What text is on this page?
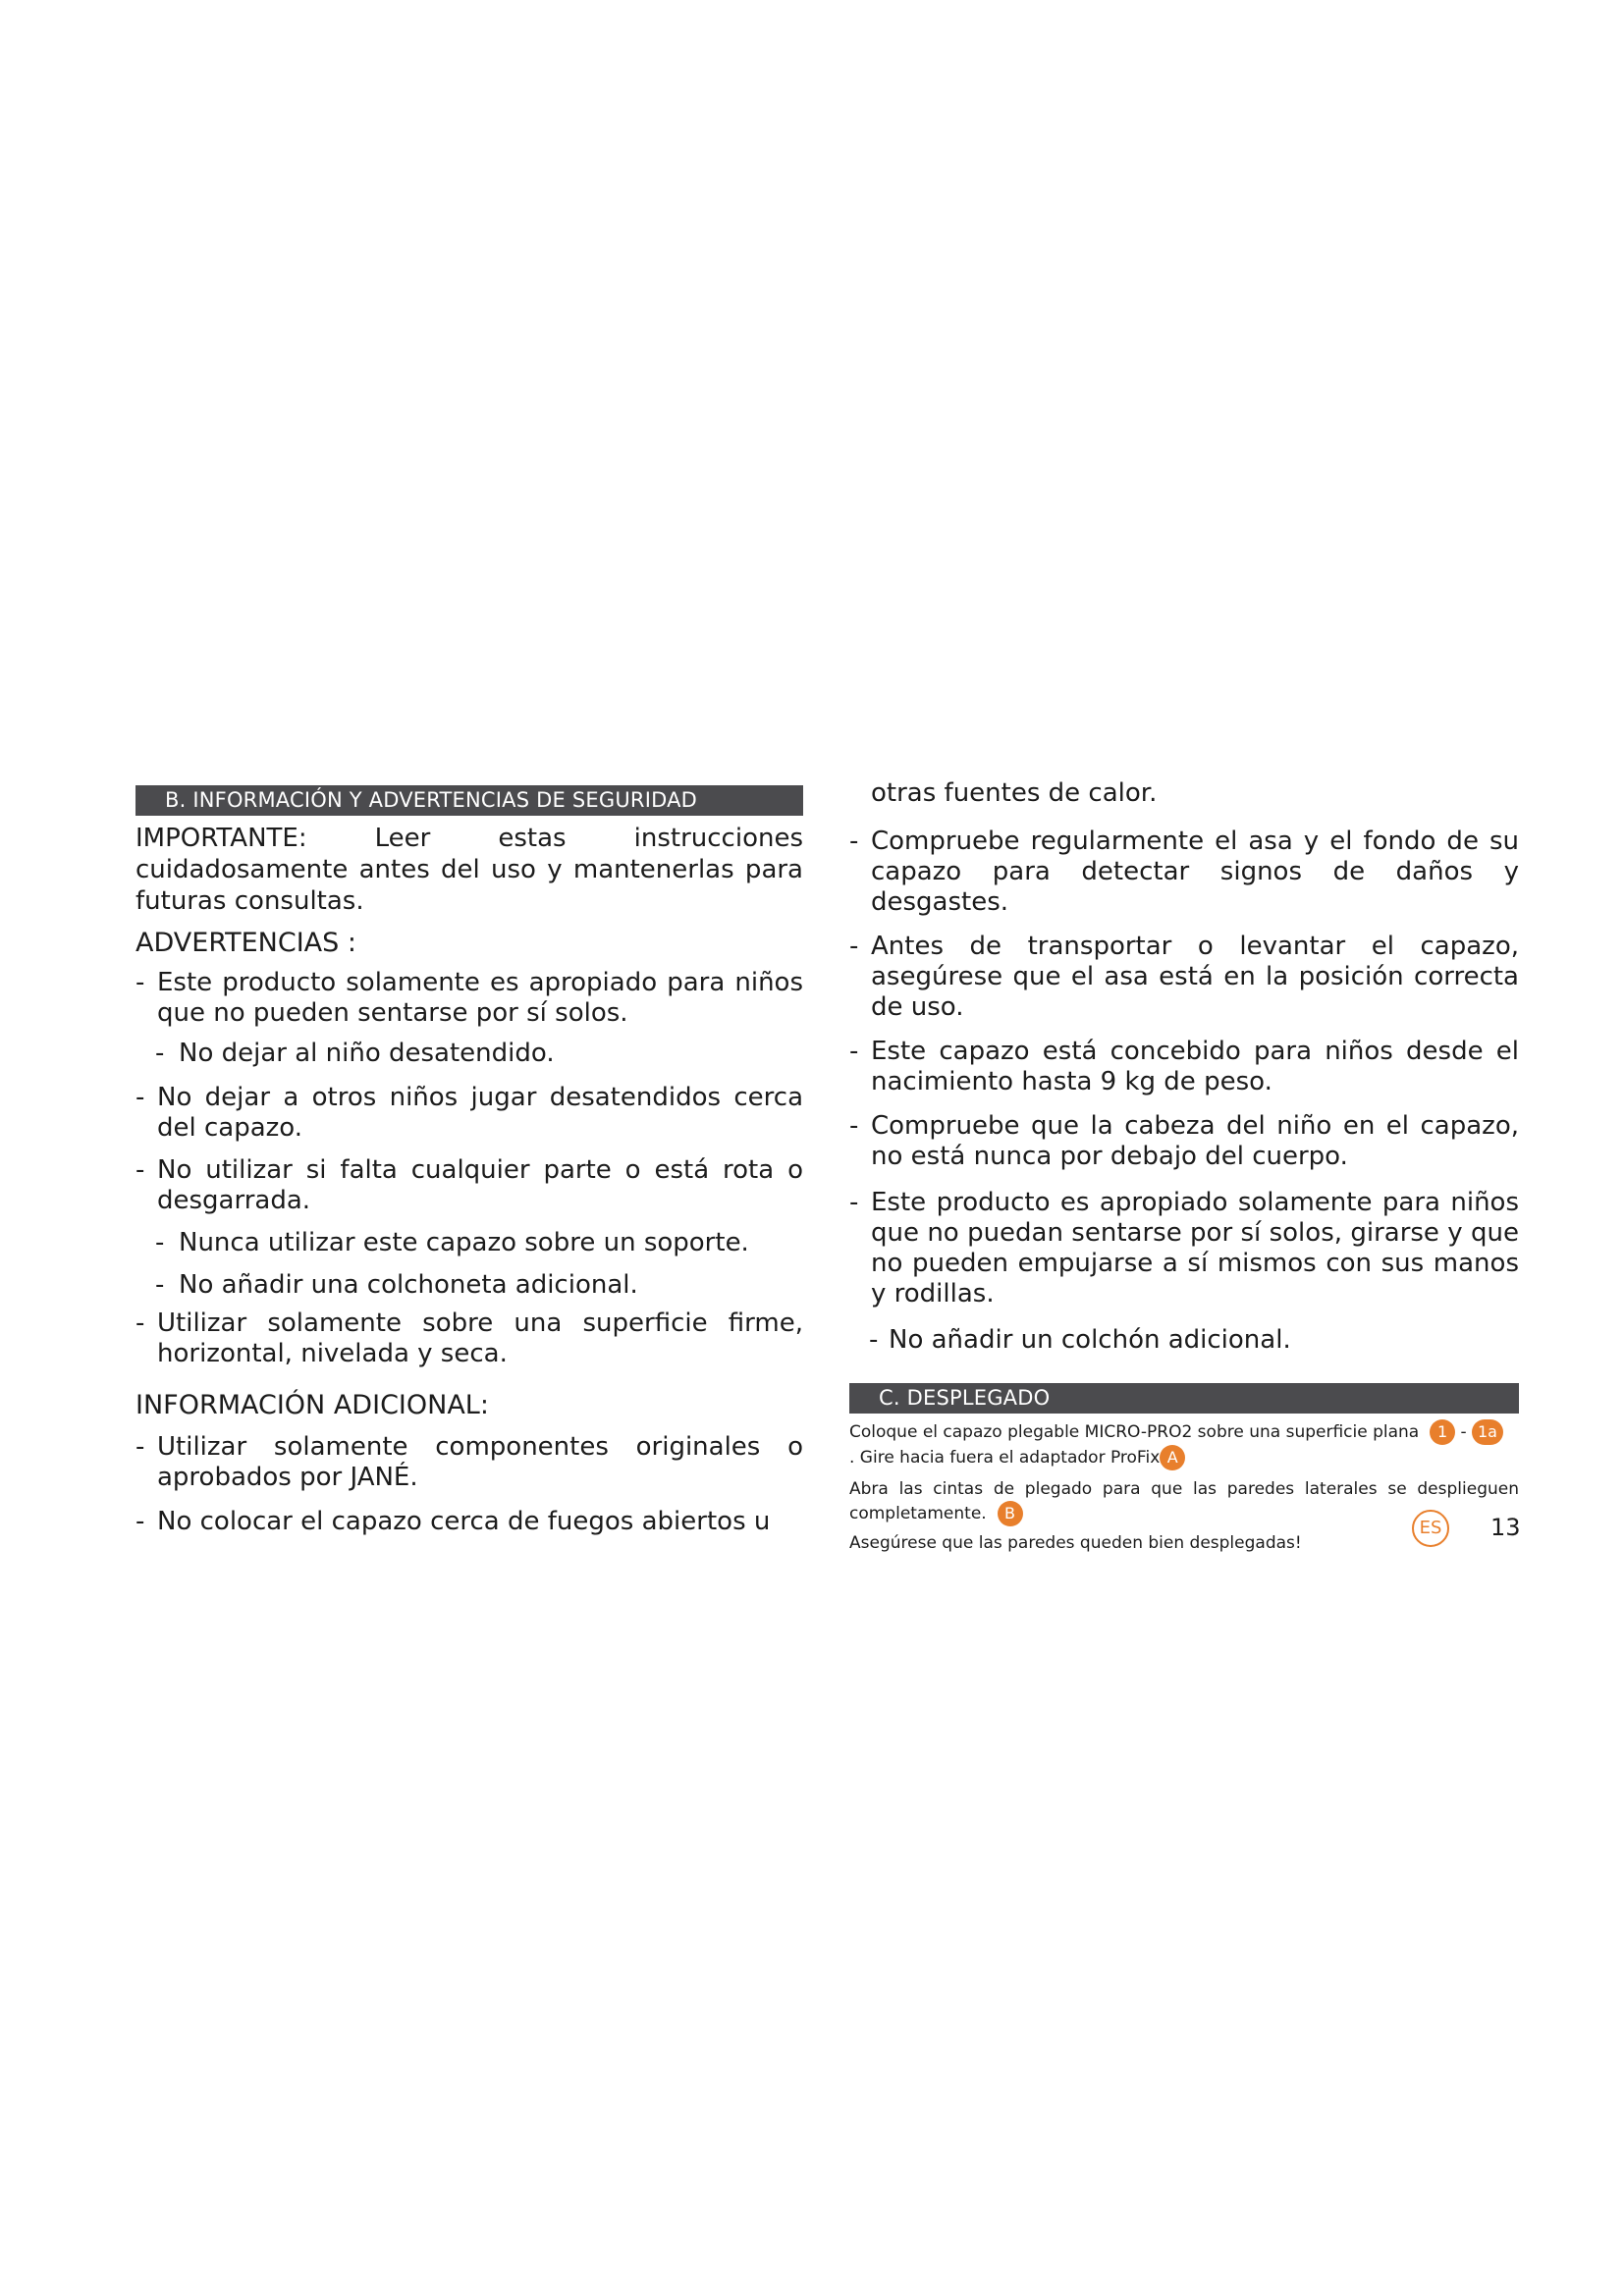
B. INFORMACIÓN Y ADVERTENCIAS DE SEGURIDAD
IMPORTANTE: Leer estas instrucciones cuidadosamente antes del uso y mantenerlas para futuras consultas.
ADVERTENCIAS :
- Este producto solamente es apropiado para niños que no pueden sentarse por sí solos.
- No dejar al niño desatendido.
- No dejar a otros niños jugar desatendidos cerca del capazo.
- No utilizar si falta cualquier parte o está rota o desgarrada.
- Nunca utilizar este capazo sobre un soporte.
- No añadir una colchoneta adicional.
- Utilizar solamente sobre una superficie firme, horizontal, nivelada y seca.
INFORMACIÓN ADICIONAL:
- Utilizar solamente componentes originales o aprobados por JANÉ.
- No colocar el capazo cerca de fuegos abiertos u
otras fuentes de calor.
- Compruebe regularmente el asa y el fondo de su capazo para detectar signos de daños y desgastes.
- Antes de transportar o levantar el capazo, asegúrese que el asa está en la posición correcta de uso.
- Este capazo está concebido para niños desde el nacimiento hasta 9 kg de peso.
- Compruebe que la cabeza del niño en el capazo, no está nunca por debajo del cuerpo.
- Este producto es apropiado solamente para niños que no puedan sentarse por sí solos, girarse y que no pueden empujarse a sí mismos con sus manos y rodillas.
- No añadir un colchón adicional.
C. DESPLEGADO
Coloque el capazo plegable MICRO-PRO2 sobre una superficie plana 1 - 1a
. Gire hacia fuera el adaptador ProFix A
Abra las cintas de plegado para que las paredes laterales se desplieguen completamente. B
Asegúrese que las paredes queden bien desplegadas!
ES	13
